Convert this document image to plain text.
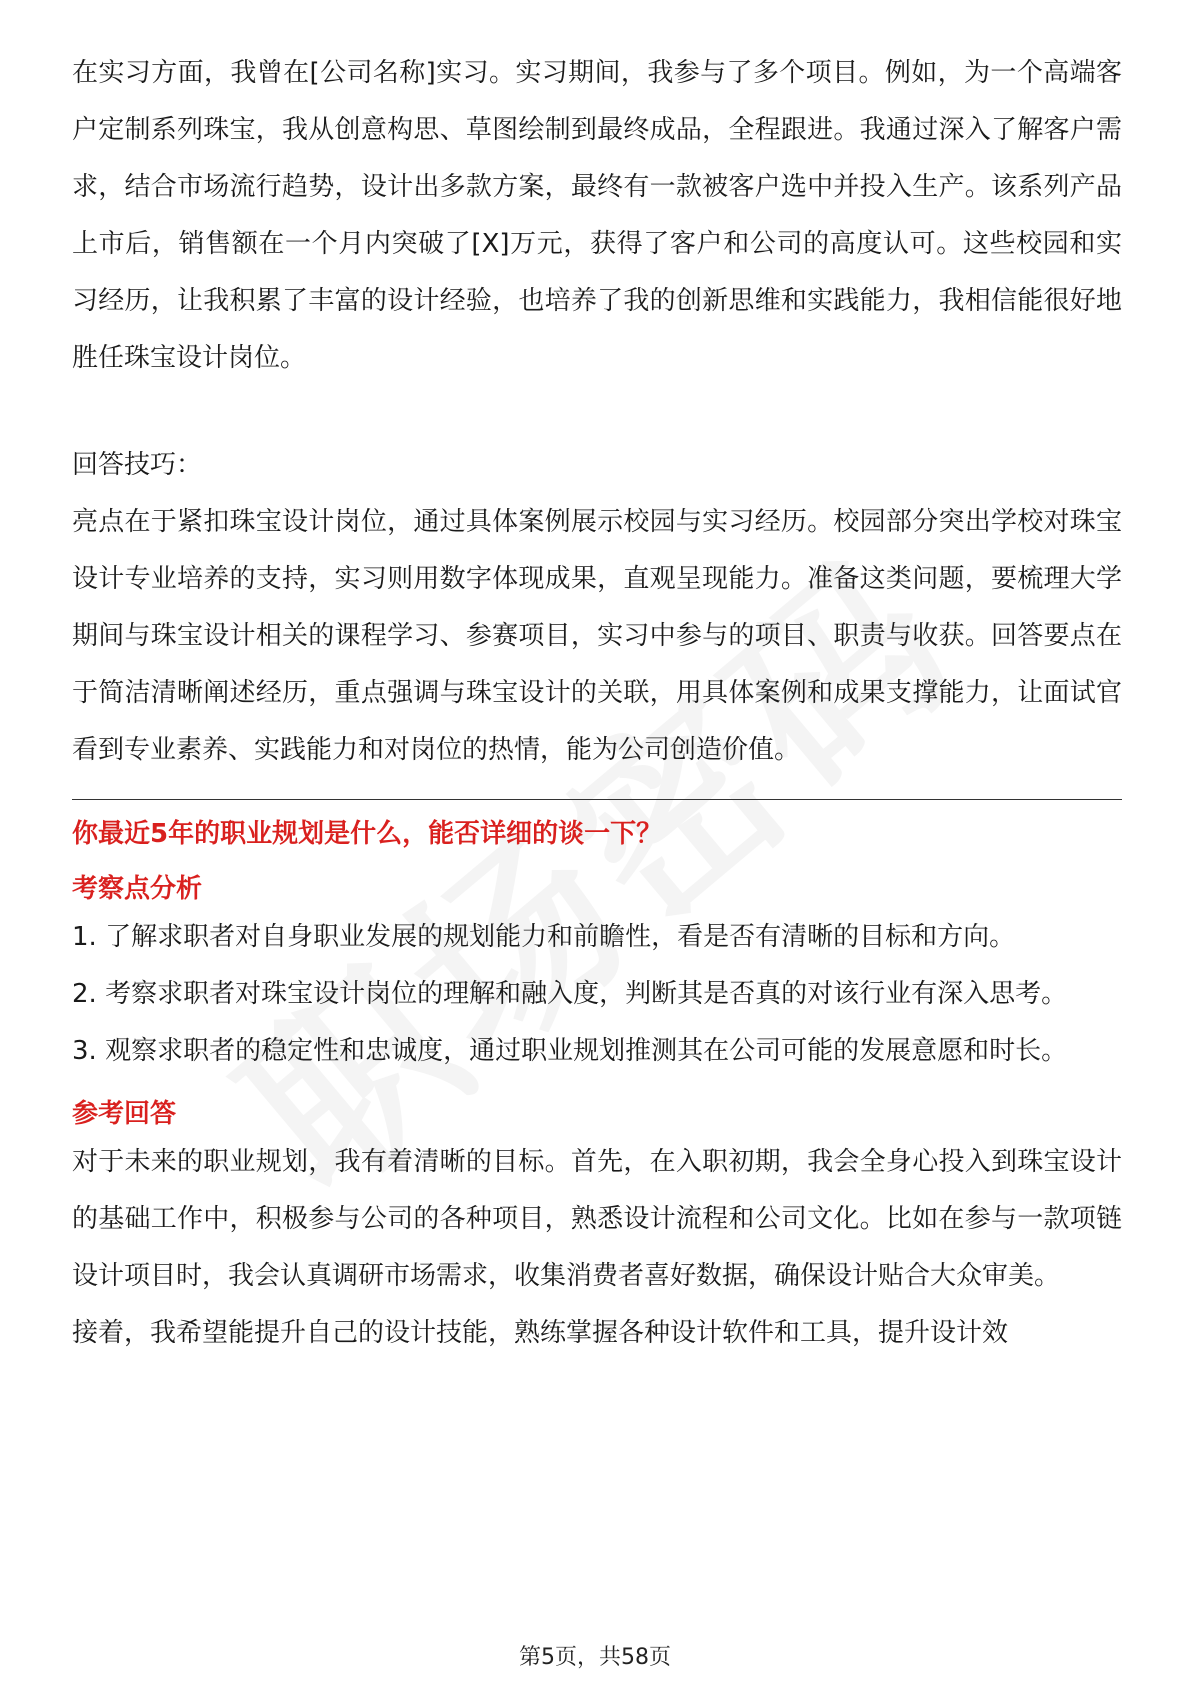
在实习方面，我曾在[公司名称]实习。实习期间，我参与了多个项目。例如，为一个高端客户定制系列珠宝，我从创意构思、草图绘制到最终成品，全程跟进。我通过深入了解客户需求，结合市场流行趋势，设计出多款方案，最终有一款被客户选中并投入生产。该系列产品上市后，销售额在一个月内突破了[X]万元，获得了客户和公司的高度认可。这些校园和实习经历，让我积累了丰富的设计经验，也培养了我的创新思维和实践能力，我相信能很好地胜任珠宝设计岗位。

回答技巧：

亮点在于紧扣珠宝设计岗位，通过具体案例展示校园与实习经历。校园部分突出学校对珠宝设计专业培养的支持，实习则用数字体现成果，直观呈现能力。准备这类问题，要梳理大学期间与珠宝设计相关的课程学习、参赛项目，实习中参与的项目、职责与收获。回答要点在于简洁清晰阐述经历，重点强调与珠宝设计的关联，用具体案例和成果支撑能力，让面试官看到专业素养、实践能力和对岗位的热情，能为公司创造价值。

你最近5年的职业规划是什么，能否详细的谈一下？

考察点分析

1. 了解求职者对自身职业发展的规划能力和前瞻性，看是否有清晰的目标和方向。

2. 考察求职者对珠宝设计岗位的理解和融入度，判断其是否真的对该行业有深入思考。

3. 观察求职者的稳定性和忠诚度，通过职业规划推测其在公司可能的发展意愿和时长。

参考回答

对于未来的职业规划，我有着清晰的目标。首先，在入职初期，我会全身心投入到珠宝设计的基础工作中，积极参与公司的各种项目，熟悉设计流程和公司文化。比如在参与一款项链设计项目时，我会认真调研市场需求，收集消费者喜好数据，确保设计贴合大众审美。

接着，我希望能提升自己的设计技能，熟练掌握各种设计软件和工具，提升设计效

第5页，共58页
